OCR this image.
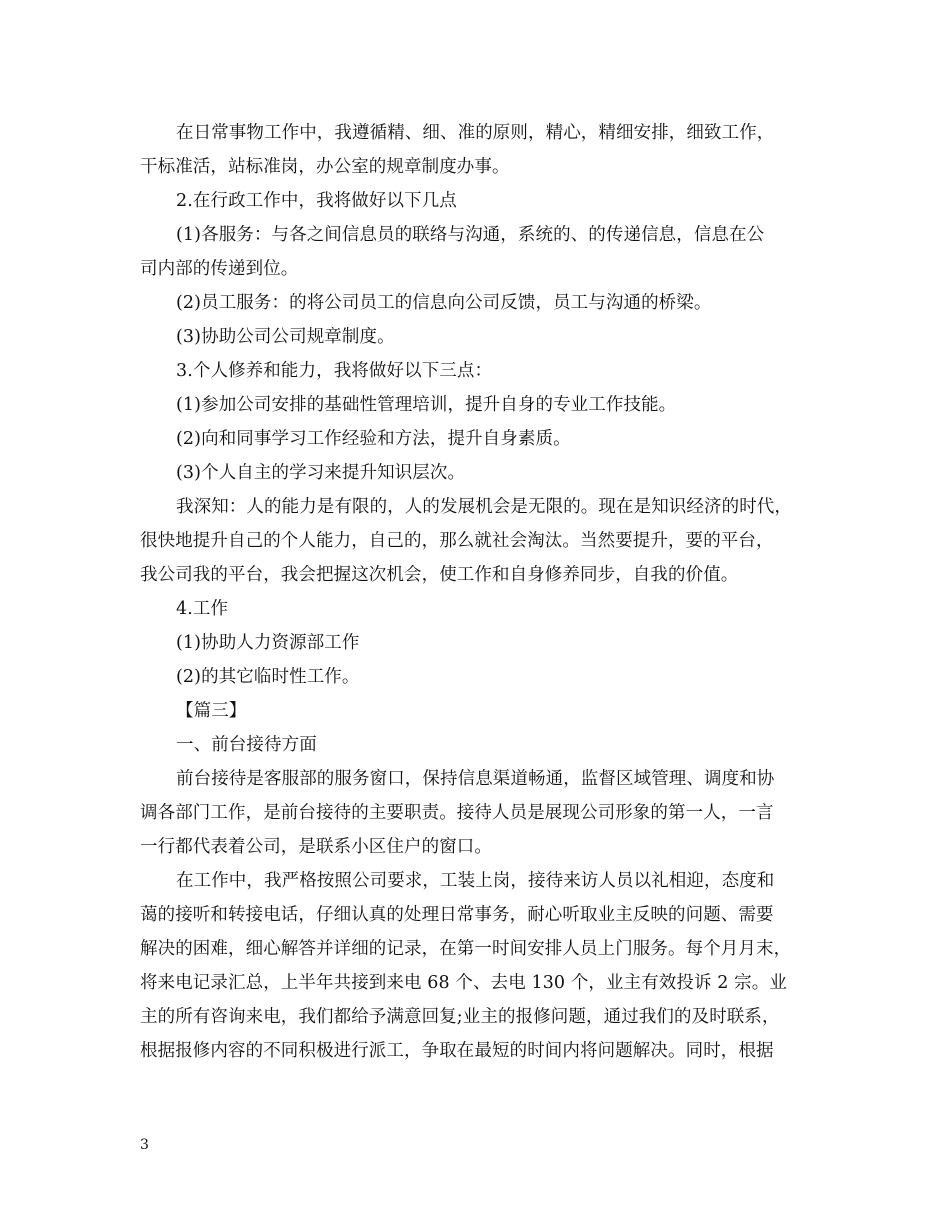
在日常事物工作中，我遵循精、细、准的原则，精心，精细安排，细致工作，
干标准活，站标准岗，办公室的规章制度办事。
2.在行政工作中，我将做好以下几点
(1)各服务：与各之间信息员的联络与沟通，系统的、的传递信息，信息在公
司内部的传递到位。
(2)员工服务：的将公司员工的信息向公司反馈，员工与沟通的桥梁。
(3)协助公司公司规章制度。
3.个人修养和能力，我将做好以下三点：
(1)参加公司安排的基础性管理培训，提升自身的专业工作技能。
(2)向和同事学习工作经验和方法，提升自身素质。
(3)个人自主的学习来提升知识层次。
我深知：人的能力是有限的，人的发展机会是无限的。现在是知识经济的时代，
很快地提升自己的个人能力，自己的，那么就社会淘汰。当然要提升，要的平台，
我公司我的平台，我会把握这次机会，使工作和自身修养同步，自我的价值。
4.工作
(1)协助人力资源部工作
(2)的其它临时性工作。
【篇三】
一、前台接待方面
前台接待是客服部的服务窗口，保持信息渠道畅通，监督区域管理、调度和协
调各部门工作，是前台接待的主要职责。接待人员是展现公司形象的第一人，一言
一行都代表着公司，是联系小区住户的窗口。
在工作中，我严格按照公司要求，工装上岗，接待来访人员以礼相迎，态度和
蔼的接听和转接电话，仔细认真的处理日常事务，耐心听取业主反映的问题、需要
解决的困难，细心解答并详细的记录，在第一时间安排人员上门服务。每个月月末，
将来电记录汇总，上半年共接到来电 68 个、去电 130 个，业主有效投诉 2 宗。业
主的所有咨询来电，我们都给予满意回复;业主的报修问题，通过我们的及时联系，
根据报修内容的不同积极进行派工，争取在最短的时间内将问题解决。同时，根据
3
